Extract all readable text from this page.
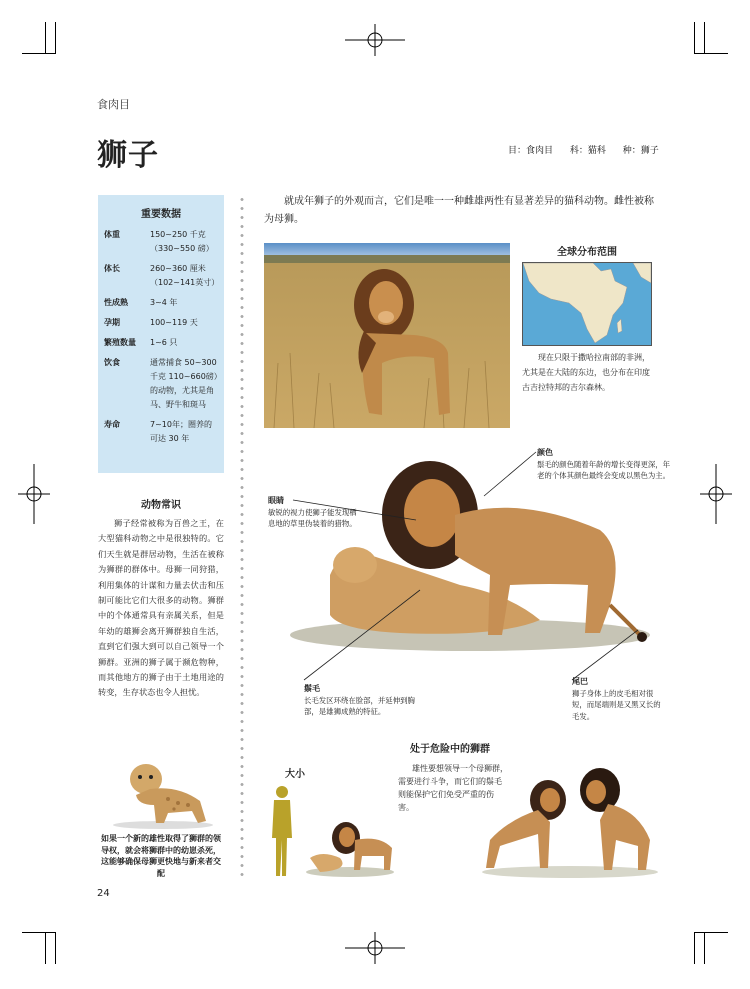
食肉目
狮子	目：食肉目 科：猫科 种：狮子
重要数据
体重	150~250 千克（330~550 磅）
体长	260~360 厘米（102~141英寸）
性成熟	3~4 年
孕期	100~119 天
繁殖数量	1~6 只
饮食	通常捕食 50~300 千克 110~660磅）的动物，尤其是角马、野牛和斑马
寿命	7~10年；圈养的可达 30 年
动物常识
狮子经常被称为百兽之王，在大型猫科动物之中是很独特的。它们天生就是群居动物，生活在被称为狮群的群体中。母狮一同狩猎，利用集体的计谋和力量去伏击和压制可能比它们大很多的动物。狮群中的个体通常具有亲属关系，但是年幼的雄狮会离开狮群独自生活，直到它们强大到可以自己领导一个狮群。亚洲的狮子属于濒危物种，而其他地方的狮子由于土地用途的转变，生存状态也令人担忧。
就成年狮子的外观而言，它们是唯一一种雌雄两性有显著差异的猫科动物。雌性被称为母狮。
全球分布范围
现在只限于撒哈拉南部的非洲，尤其是在大陆的东边，也分布在印度古吉拉特邦的吉尔森林。
颜色
鬃毛的颜色随着年龄的增长变得更深，年老的个体其颜色最终会变成以黑色为主。
眼睛
敏锐的视力使狮子能发现栖息地的草里伪装着的猎物。
鬃毛
长毛发区环绕在脸部，并延伸到胸部，是雄狮成熟的特征。
尾巴
狮子身体上的皮毛相对很短，而尾端则是又黑又长的毛发。
大小
处于危险中的狮群
雄性要想领导一个母狮群，需要进行斗争，而它们的鬃毛则能保护它们免受严重的伤害。
如果一个新的雄性取得了狮群的领导权，就会将狮群中的幼崽杀死，这能够确保母狮更快地与新来者交配
24
